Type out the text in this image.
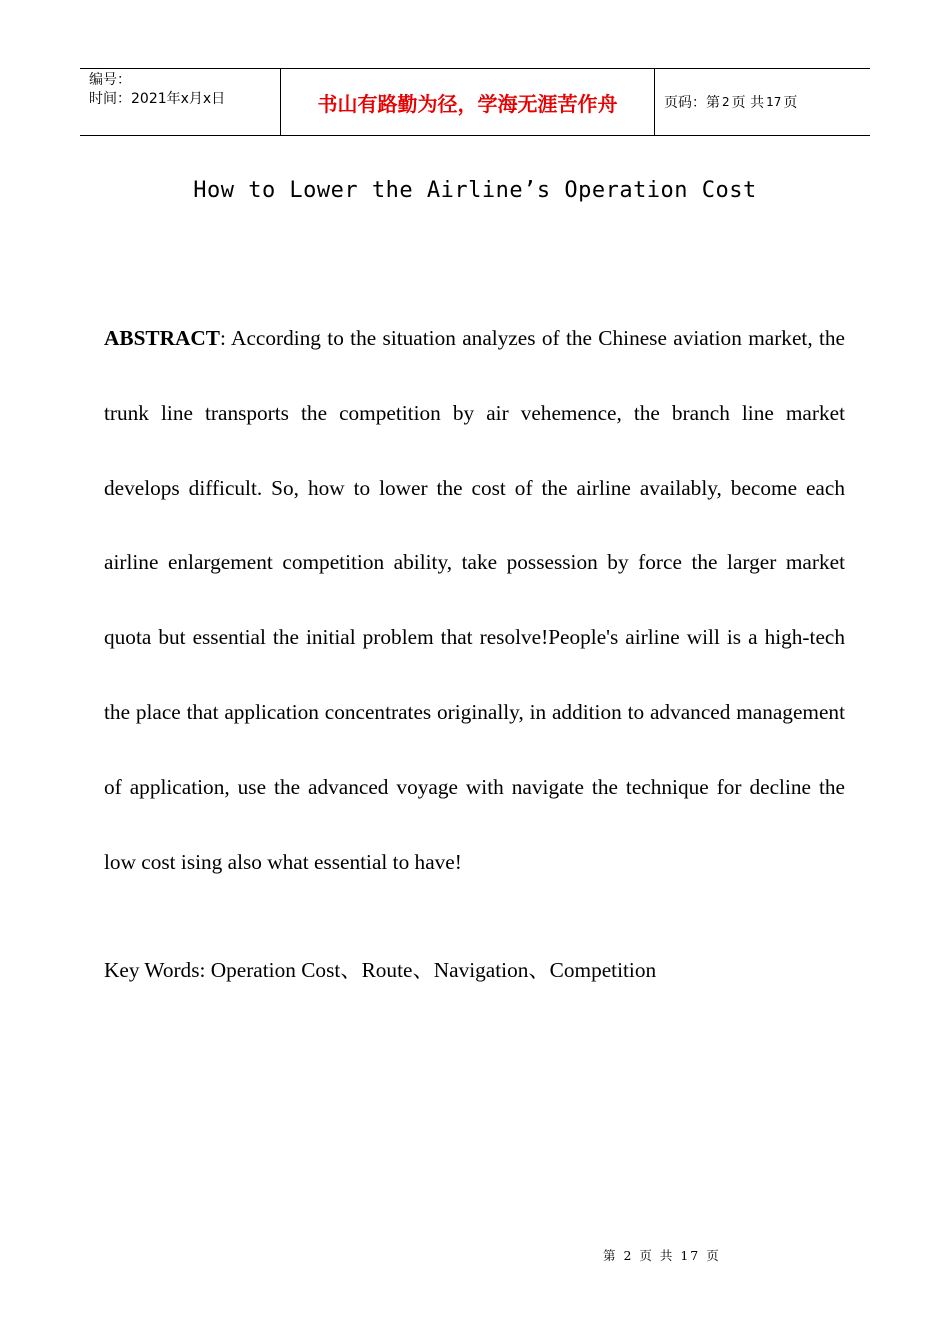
编号：
时间：2021年x月x日	书山有路勤为径，学海无涯苦作舟	页码：第 2 页 共 17 页
How to Lower the Airline’s Operation Cost

ABSTRACT: According to the situation analyzes of the Chinese aviation market, the trunk line transports the competition by air vehemence, the branch line market develops difficult. So, how to lower the cost of the airline availably, become each airline enlargement competition ability, take possession by force the larger market quota but essential the initial problem that resolve!People's airline will is a high-tech the place that application concentrates originally, in addition to advanced management of application, use the advanced voyage with navigate the technique for decline the low cost ising also what essential to have!

Key Words: Operation Cost、Route、Navigation、Competition
第 2 页 共 17 页
